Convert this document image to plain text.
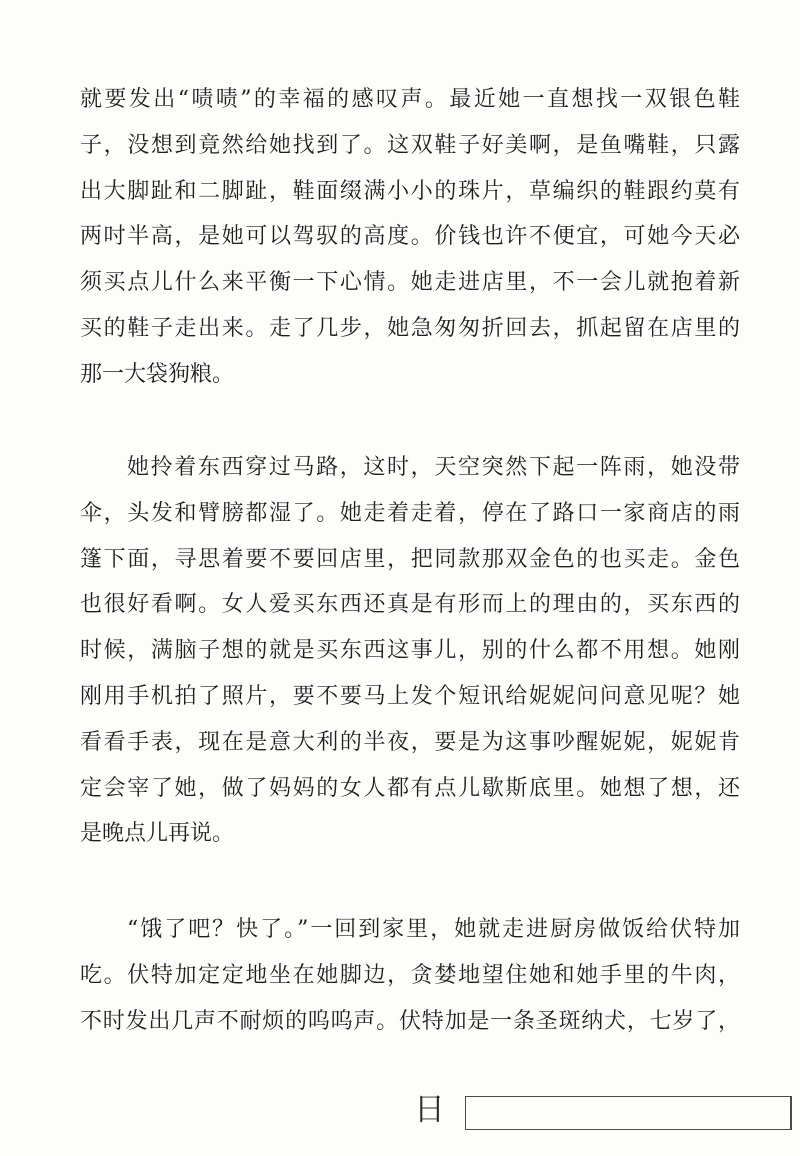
就要发出“啧啧”的幸福的感叹声。最近她一直想找一双银色鞋
子，没想到竟然给她找到了。这双鞋子好美啊，是鱼嘴鞋，只露
出大脚趾和二脚趾，鞋面缀满小小的珠片，草编织的鞋跟约莫有
两吋半高，是她可以驾驭的高度。价钱也许不便宜，可她今天必
须买点儿什么来平衡一下心情。她走进店里，不一会儿就抱着新
买的鞋子走出来。走了几步，她急匆匆折回去，抓起留在店里的
那一大袋狗粮。
她拎着东西穿过马路，这时，天空突然下起一阵雨，她没带
伞，头发和臂膀都湿了。她走着走着，停在了路口一家商店的雨
篷下面，寻思着要不要回店里，把同款那双金色的也买走。金色
也很好看啊。女人爱买东西还真是有形而上的理由的，买东西的
时候，满脑子想的就是买东西这事儿，别的什么都不用想。她刚
刚用手机拍了照片，要不要马上发个短讯给妮妮问问意见呢？她
看看手表，现在是意大利的半夜，要是为这事吵醒妮妮，妮妮肯
定会宰了她，做了妈妈的女人都有点儿歇斯底里。她想了想，还
是晚点儿再说。
“饿了吧？快了。”一回到家里，她就走进厨房做饭给伏特加
吃。伏特加定定地坐在她脚边，贪婪地望住她和她手里的牛肉，
不时发出几声不耐烦的呜呜声。伏特加是一条圣斑纳犬，七岁了，
日
